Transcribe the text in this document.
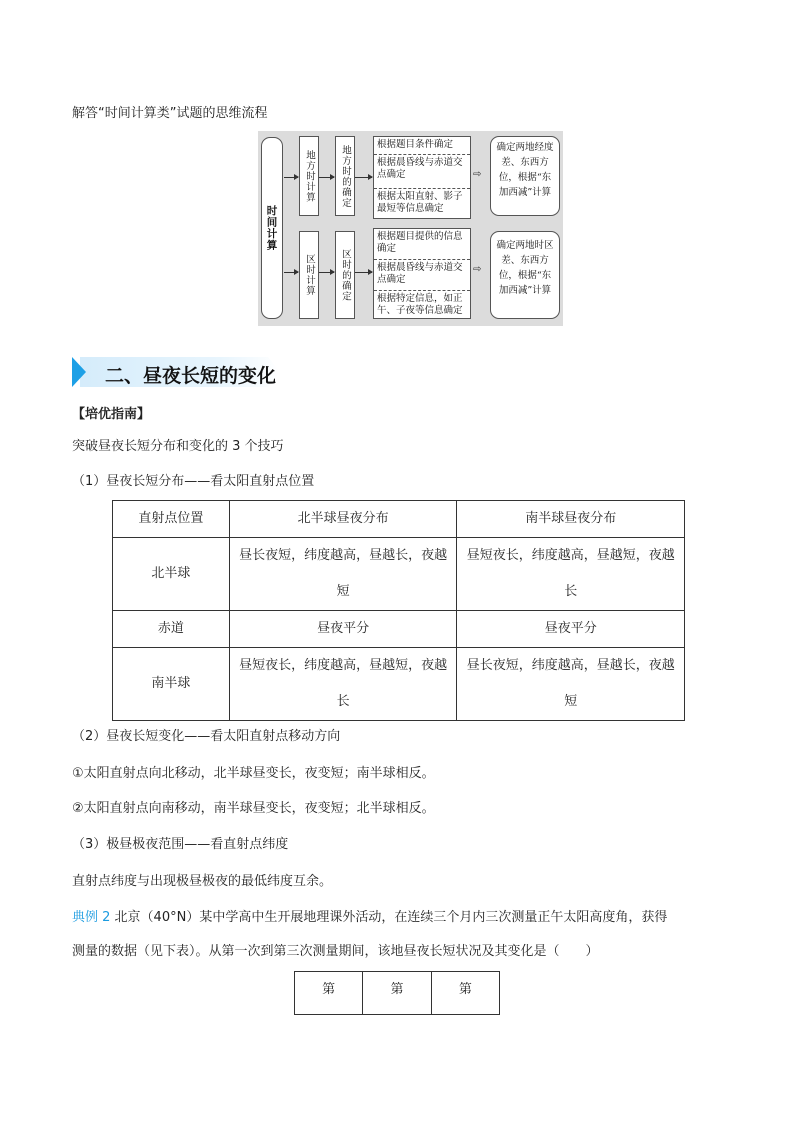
解答“时间计算类”试题的思维流程
时间计算
地方时计算	地方时的确定	根据题目条件确定
根据晨昏线与赤道交点确定
根据太阳直射、影子最短等信息确定
⇨
确定两地经度差、东西方位，根据“东加西减”计算
区时计算	区时的确定
根据题目提供的信息确定
根据晨昏线与赤道交点确定
根据特定信息，如正午、子夜等信息确定
⇨
确定两地时区差、东西方位，根据“东加西减”计算
二、昼夜长短的变化
【培优指南】
突破昼夜长短分布和变化的 3 个技巧
（1）昼夜长短分布——看太阳直射点位置
直射点位置	北半球昼夜分布	南半球昼夜分布
北半球	昼长夜短，纬度越高，昼越长，夜越短	昼短夜长，纬度越高，昼越短，夜越长
赤道	昼夜平分	昼夜平分
南半球	昼短夜长，纬度越高，昼越短，夜越长	昼长夜短，纬度越高，昼越长，夜越短
（2）昼夜长短变化——看太阳直射点移动方向
①太阳直射点向北移动，北半球昼变长，夜变短；南半球相反。
②太阳直射点向南移动，南半球昼变长，夜变短；北半球相反。
（3）极昼极夜范围——看直射点纬度
直射点纬度与出现极昼极夜的最低纬度互余。
典例 2 北京（40°N）某中学高中生开展地理课外活动，在连续三个月内三次测量正午太阳高度角，获得
测量的数据（见下表）。从第一次到第三次测量期间，该地昼夜长短状况及其变化是（　　）
第	第	第
